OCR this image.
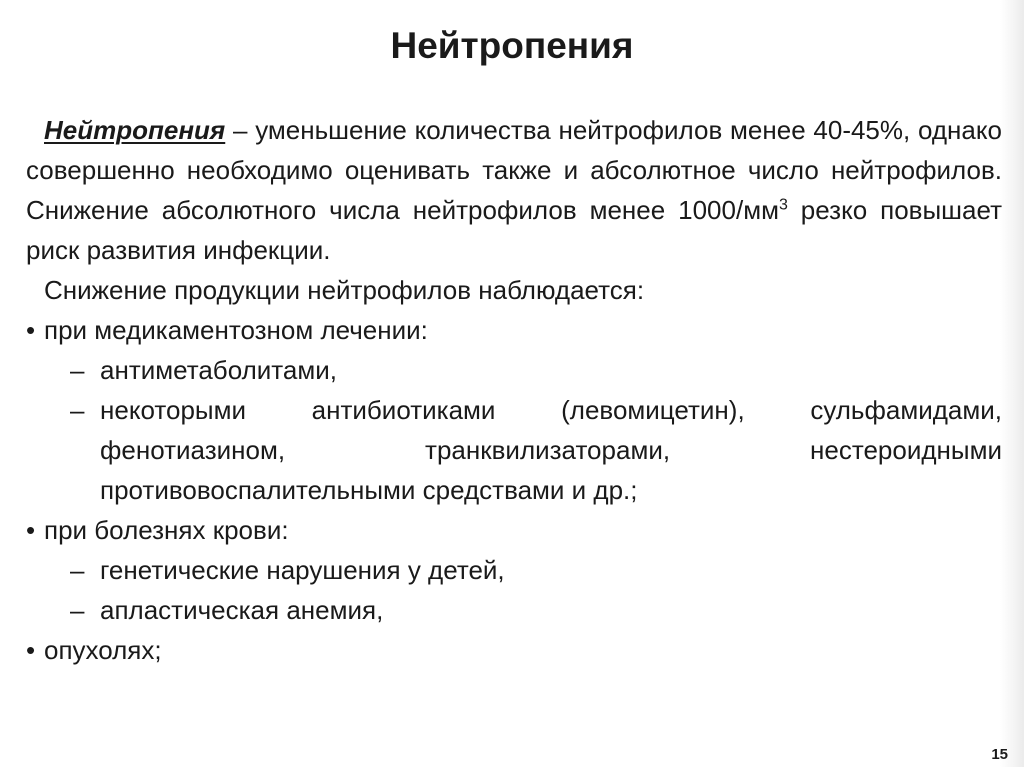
Нейтропения

Нейтропения – уменьшение количества нейтрофилов менее 40-45%, однако совершенно необходимо оценивать также и абсолютное число нейтрофилов. Снижение абсолютного числа нейтрофилов менее $1000/мм^3$ резко повышает риск развития инфекции.

Снижение продукции нейтрофилов наблюдается:

• при медикаментозном лечении:

– антиметаболитами,

– некоторыми антибиотиками (левомицетин), сульфамидами, фенотиазином, транквилизаторами, нестероидными противовоспалительными средствами и др.;

• при болезнях крови:

– генетические нарушения у детей,

– апластическая анемия,

• опухолях;

15
